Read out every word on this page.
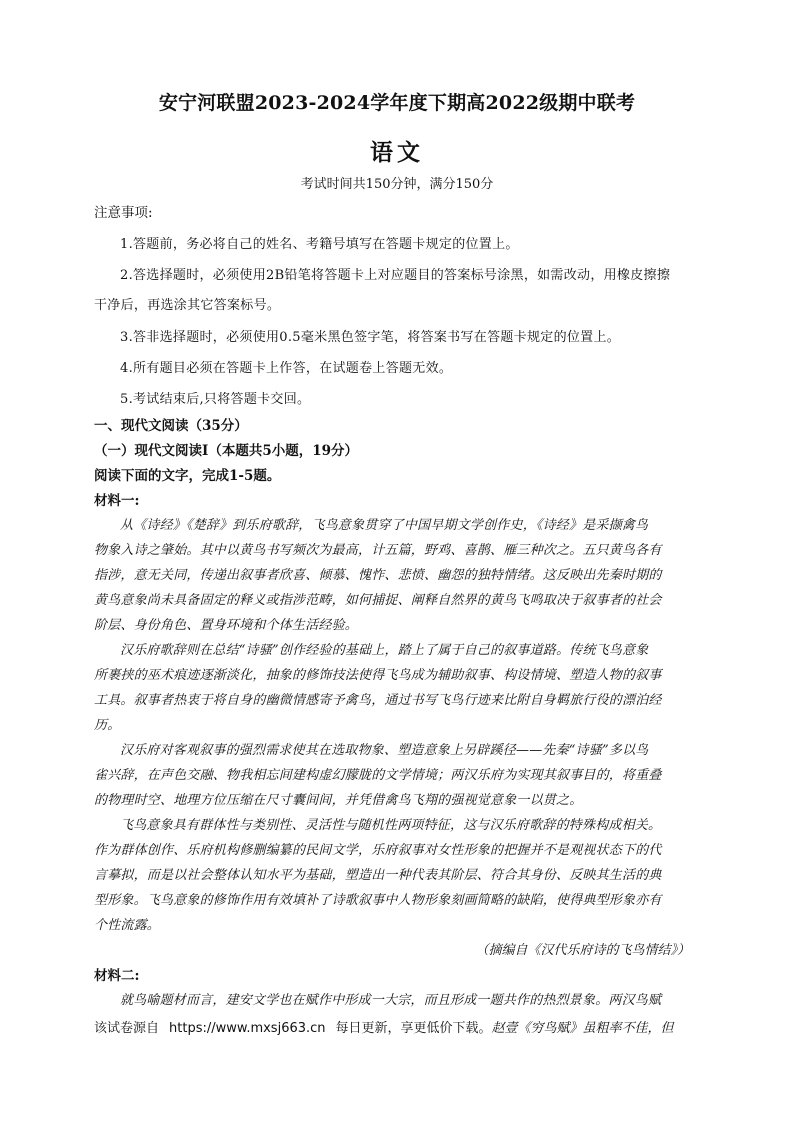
安宁河联盟2023-2024学年度下期高2022级期中联考
语文
考试时间共150分钟，满分150分
注意事项:
1.答题前，务必将自己的姓名、考籍号填写在答题卡规定的位置上。
2.答选择题时，必须使用2B铅笔将答题卡上对应题目的答案标号涂黑，如需改动，用橡皮擦擦
干净后，再选涂其它答案标号。
3.答非选择题时，必须使用0.5毫米黑色签字笔，将答案书写在答题卡规定的位置上。
4.所有题目必须在答题卡上作答，在试题卷上答题无效。
5.考试结束后,只将答题卡交回。
一、现代文阅读（35分）
（一）现代文阅读Ⅰ（本题共5小题，19分）
阅读下面的文字，完成1-5题。
材料一:
从《诗经》《楚辞》到乐府歌辞，飞鸟意象贯穿了中国早期文学创作史，《诗经》是采撷禽鸟
物象入诗之肇始。其中以黄鸟书写频次为最高，计五篇，野鸡、喜鹊、雁三种次之。五只黄鸟各有
指涉，意无关同，传递出叙事者欣喜、倾慕、愧怍、悲愤、幽怨的独特情绪。这反映出先秦时期的
黄鸟意象尚未具备固定的释义或指涉范畴，如何捕捉、阐释自然界的黄鸟飞鸣取决于叙事者的社会
阶层、身份角色、置身环境和个体生活经验。
汉乐府歌辞则在总结“诗骚”创作经验的基础上，踏上了属于自己的叙事道路。传统飞鸟意象
所裹挟的巫术痕迹逐渐淡化，抽象的修饰技法使得飞鸟成为辅助叙事、构设情境、塑造人物的叙事
工具。叙事者热衷于将自身的幽微情感寄予禽鸟，通过书写飞鸟行迹来比附自身羁旅行役的漂泊经
历。
汉乐府对客观叙事的强烈需求使其在选取物象、塑造意象上另辟蹊径——先秦“诗骚”多以鸟
雀兴辞，在声色交融、物我相忘间建构虚幻朦胧的文学情境；两汉乐府为实现其叙事目的，将重叠
的物理时空、地理方位压缩在尺寸囊间间，并凭借禽鸟飞翔的强视觉意象一以贯之。
飞鸟意象具有群体性与类别性、灵活性与随机性两项特征，这与汉乐府歌辞的特殊构成相关。
作为群体创作、乐府机构修删编纂的民间文学，乐府叙事对女性形象的把握并不是观视状态下的代
言摹拟，而是以社会整体认知水平为基础，塑造出一种代表其阶层、符合其身份、反映其生活的典
型形象。飞鸟意象的修饰作用有效填补了诗歌叙事中人物形象刻画简略的缺陷，使得典型形象亦有
个性流露。
（摘编自《汉代乐府诗的飞鸟情结》）
材料二:
就鸟喻题材而言，建安文学也在赋作中形成一大宗，而且形成一题共作的热烈景象。两汉鸟赋
该试卷源自 https://www.mxsj663.cn 每日更新，享更低价下载。赵壹《穷鸟赋》虽粗率不佳，但
